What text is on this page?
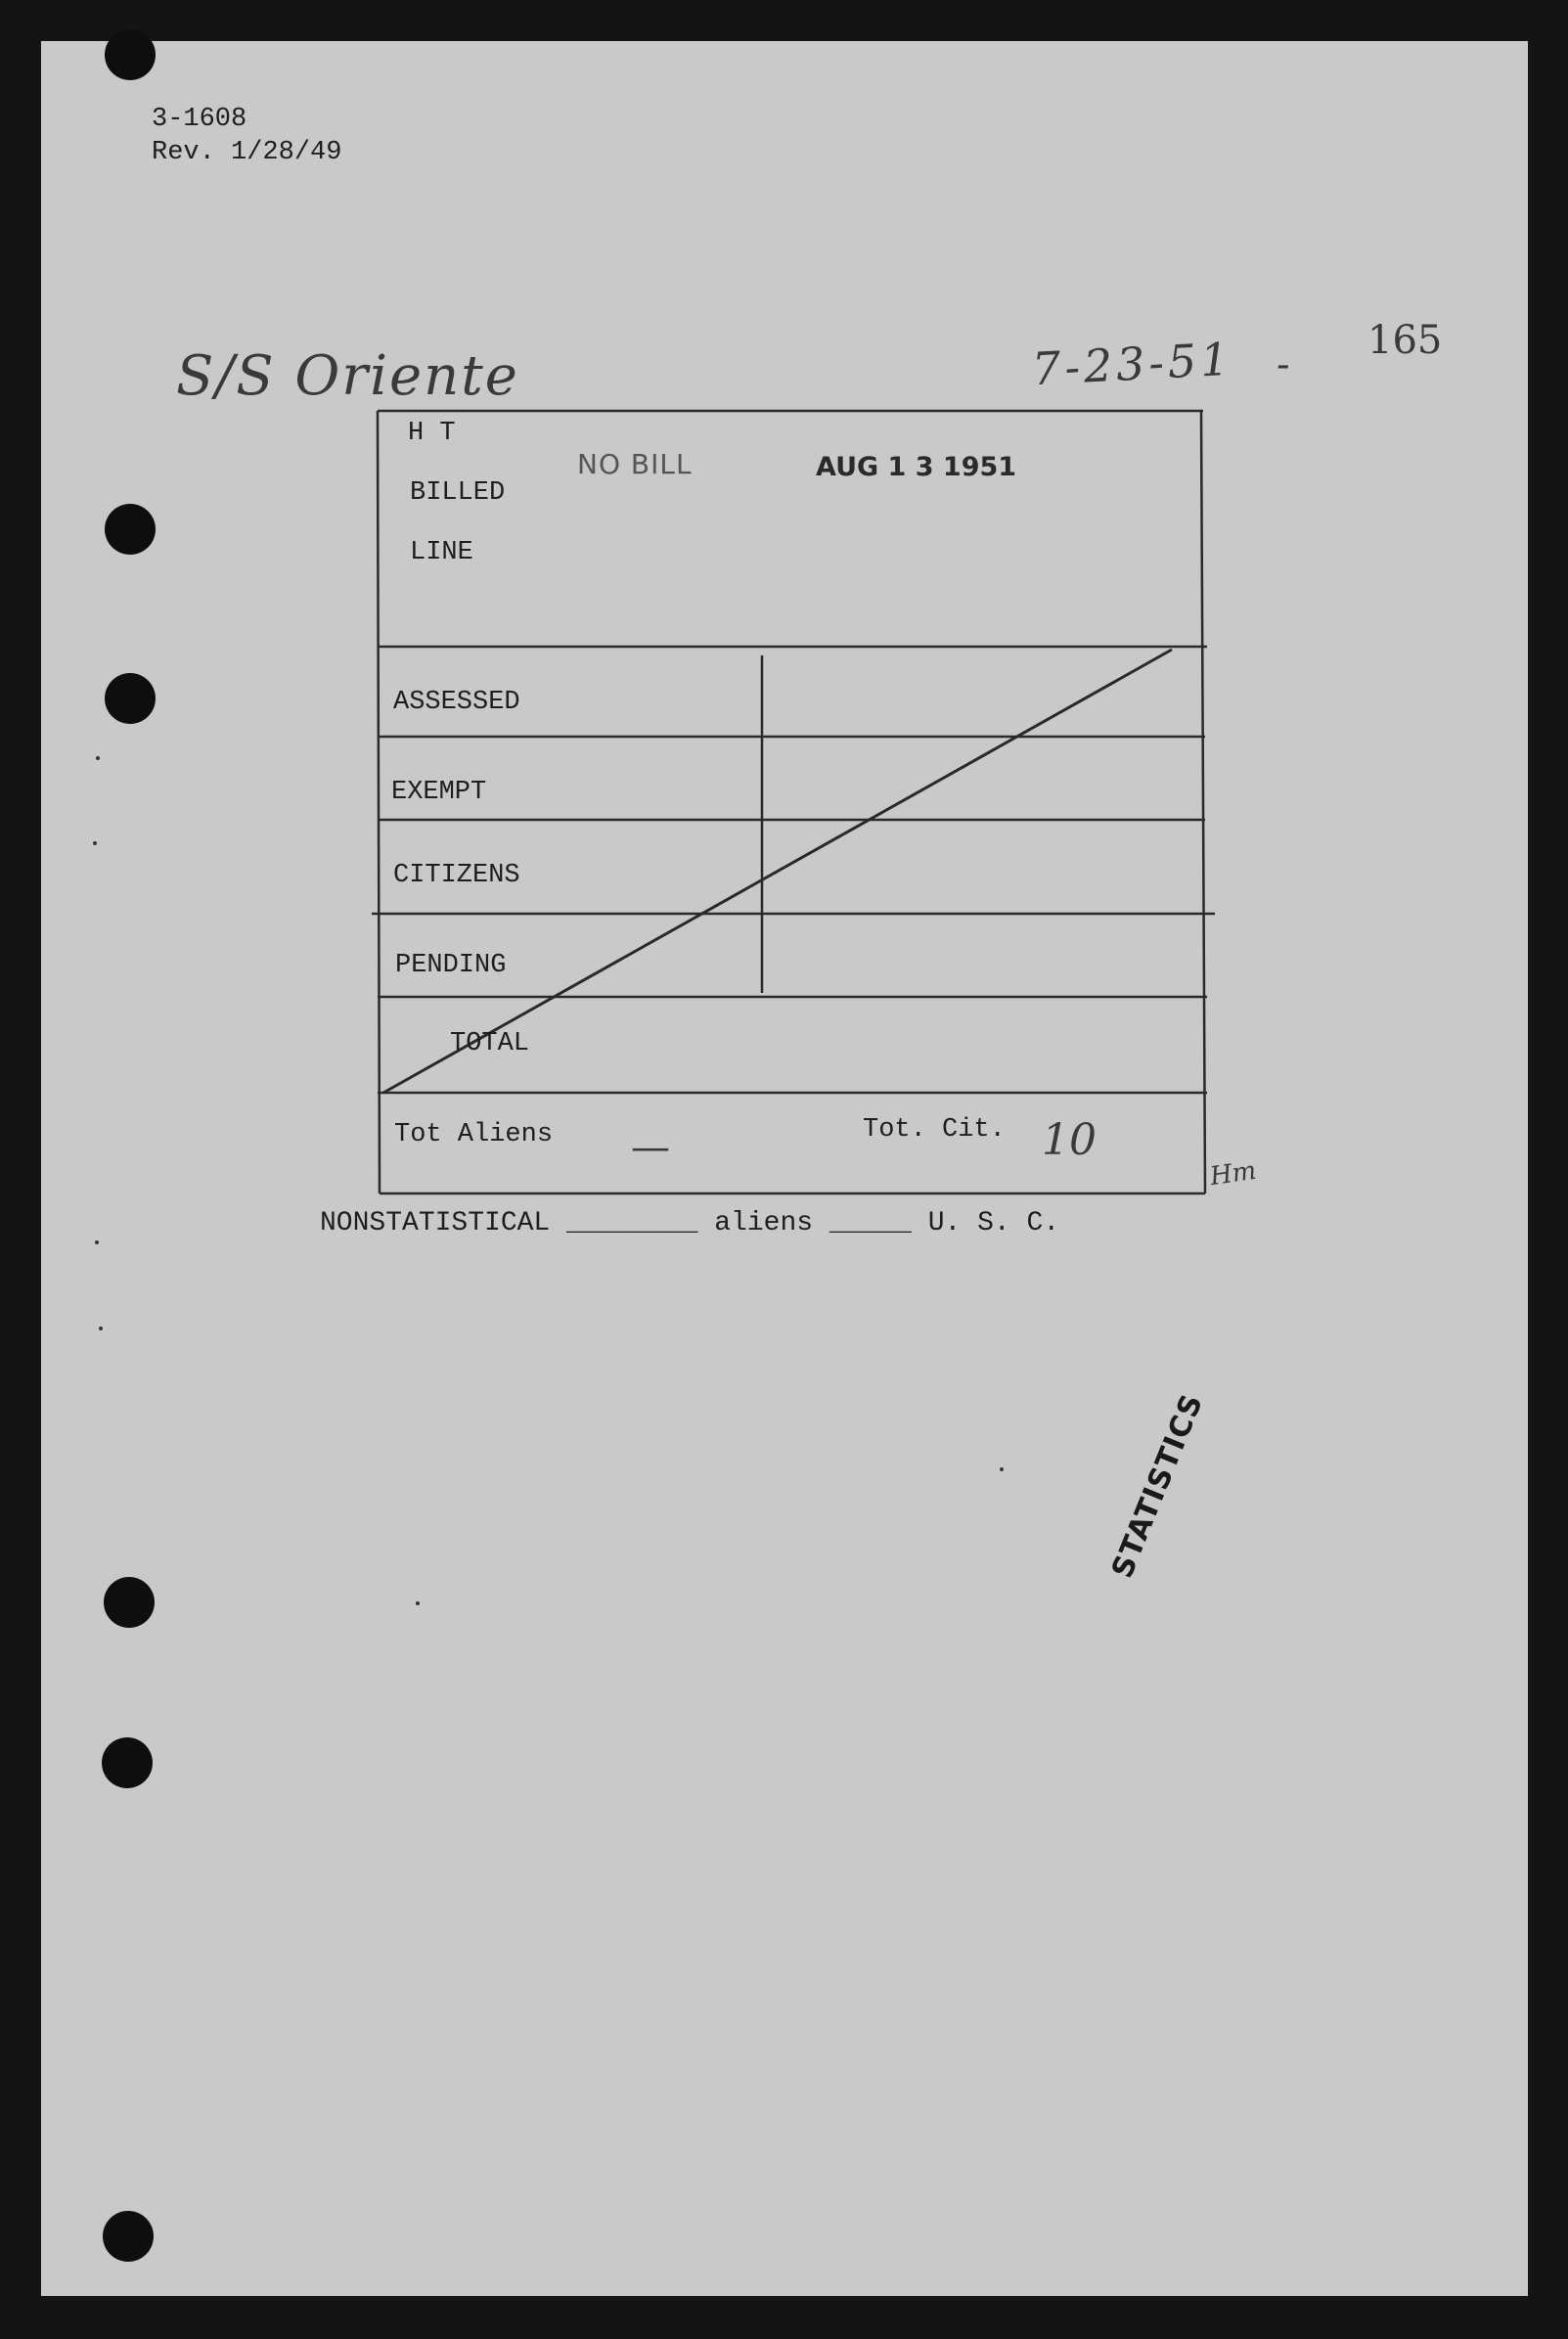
3-1608
Rev. 1/28/49
S/S Oriente	7-23-51 -
165
NO BILL	AUG 1 3 1951
H T
BILLED
LINE
ASSESSED
EXEMPT
CITIZENS
PENDING
TOTAL
Tot Aliens —	Tot. Cit. 10
Hm
NONSTATISTICAL ________ aliens _____ U. S. C.
STATISTICS
